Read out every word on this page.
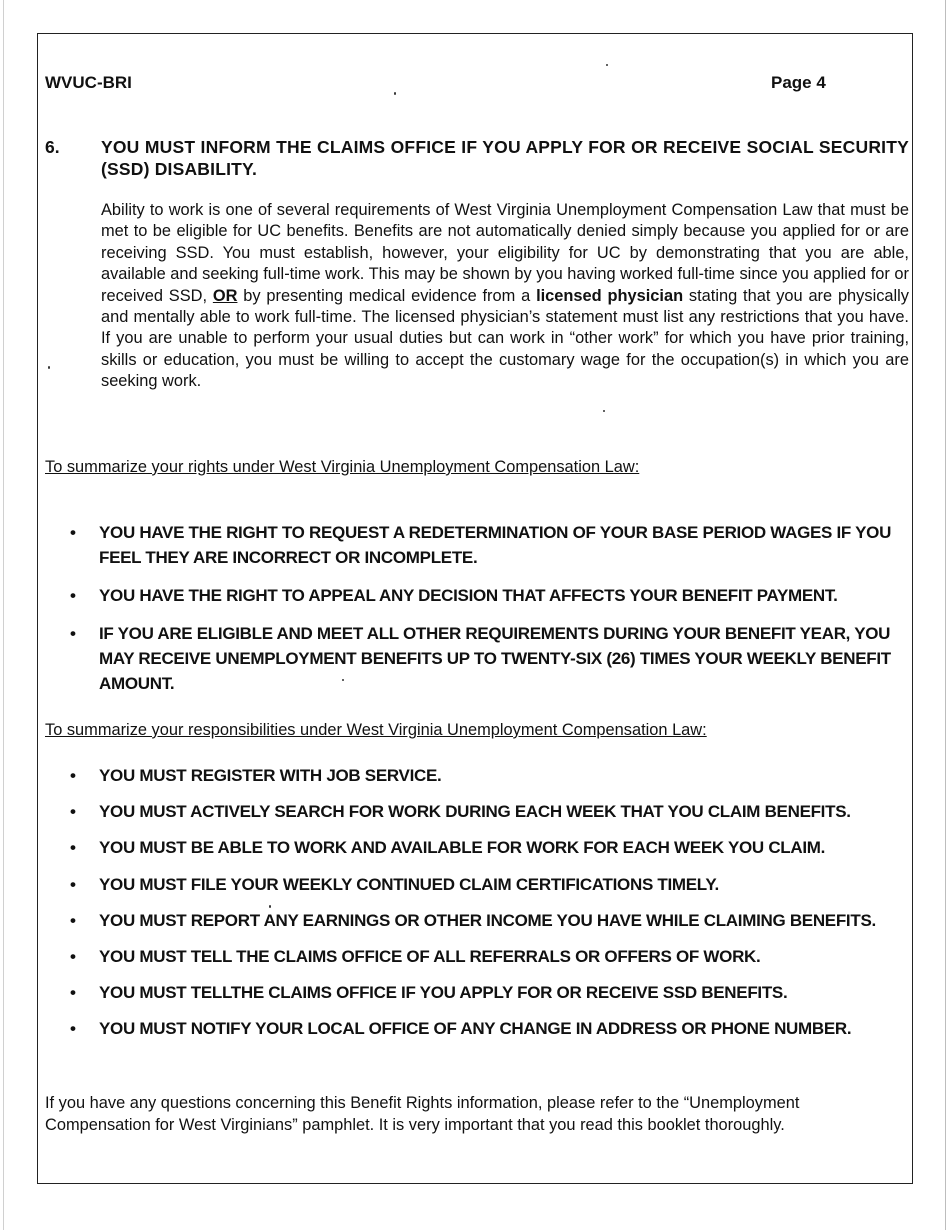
WVUC-BRI	Page 4
6. YOU MUST INFORM THE CLAIMS OFFICE IF YOU APPLY FOR OR RECEIVE SOCIAL SECURITY (SSD) DISABILITY.
Ability to work is one of several requirements of West Virginia Unemployment Compensation Law that must be met to be eligible for UC benefits. Benefits are not automatically denied simply because you applied for or are receiving SSD. You must establish, however, your eligibility for UC by demonstrating that you are able, available and seeking full-time work. This may be shown by you having worked full-time since you applied for or received SSD, OR by presenting medical evidence from a licensed physician stating that you are physically and mentally able to work full-time. The licensed physician’s statement must list any restrictions that you have. If you are unable to perform your usual duties but can work in “other work” for which you have prior training, skills or education, you must be willing to accept the customary wage for the occupation(s) in which you are seeking work.
To summarize your rights under West Virginia Unemployment Compensation Law:
• YOU HAVE THE RIGHT TO REQUEST A REDETERMINATION OF YOUR BASE PERIOD WAGES IF YOU FEEL THEY ARE INCORRECT OR INCOMPLETE.
• YOU HAVE THE RIGHT TO APPEAL ANY DECISION THAT AFFECTS YOUR BENEFIT PAYMENT.
• IF YOU ARE ELIGIBLE AND MEET ALL OTHER REQUIREMENTS DURING YOUR BENEFIT YEAR, YOU MAY RECEIVE UNEMPLOYMENT BENEFITS UP TO TWENTY-SIX (26) TIMES YOUR WEEKLY BENEFIT AMOUNT.
To summarize your responsibilities under West Virginia Unemployment Compensation Law:
• YOU MUST REGISTER WITH JOB SERVICE.
• YOU MUST ACTIVELY SEARCH FOR WORK DURING EACH WEEK THAT YOU CLAIM BENEFITS.
• YOU MUST BE ABLE TO WORK AND AVAILABLE FOR WORK FOR EACH WEEK YOU CLAIM.
• YOU MUST FILE YOUR WEEKLY CONTINUED CLAIM CERTIFICATIONS TIMELY.
• YOU MUST REPORT ANY EARNINGS OR OTHER INCOME YOU HAVE WHILE CLAIMING BENEFITS.
• YOU MUST TELL THE CLAIMS OFFICE OF ALL REFERRALS OR OFFERS OF WORK.
• YOU MUST TELLTHE CLAIMS OFFICE IF YOU APPLY FOR OR RECEIVE SSD BENEFITS.
• YOU MUST NOTIFY YOUR LOCAL OFFICE OF ANY CHANGE IN ADDRESS OR PHONE NUMBER.
If you have any questions concerning this Benefit Rights information, please refer to the “Unemployment Compensation for West Virginians” pamphlet. It is very important that you read this booklet thoroughly.
